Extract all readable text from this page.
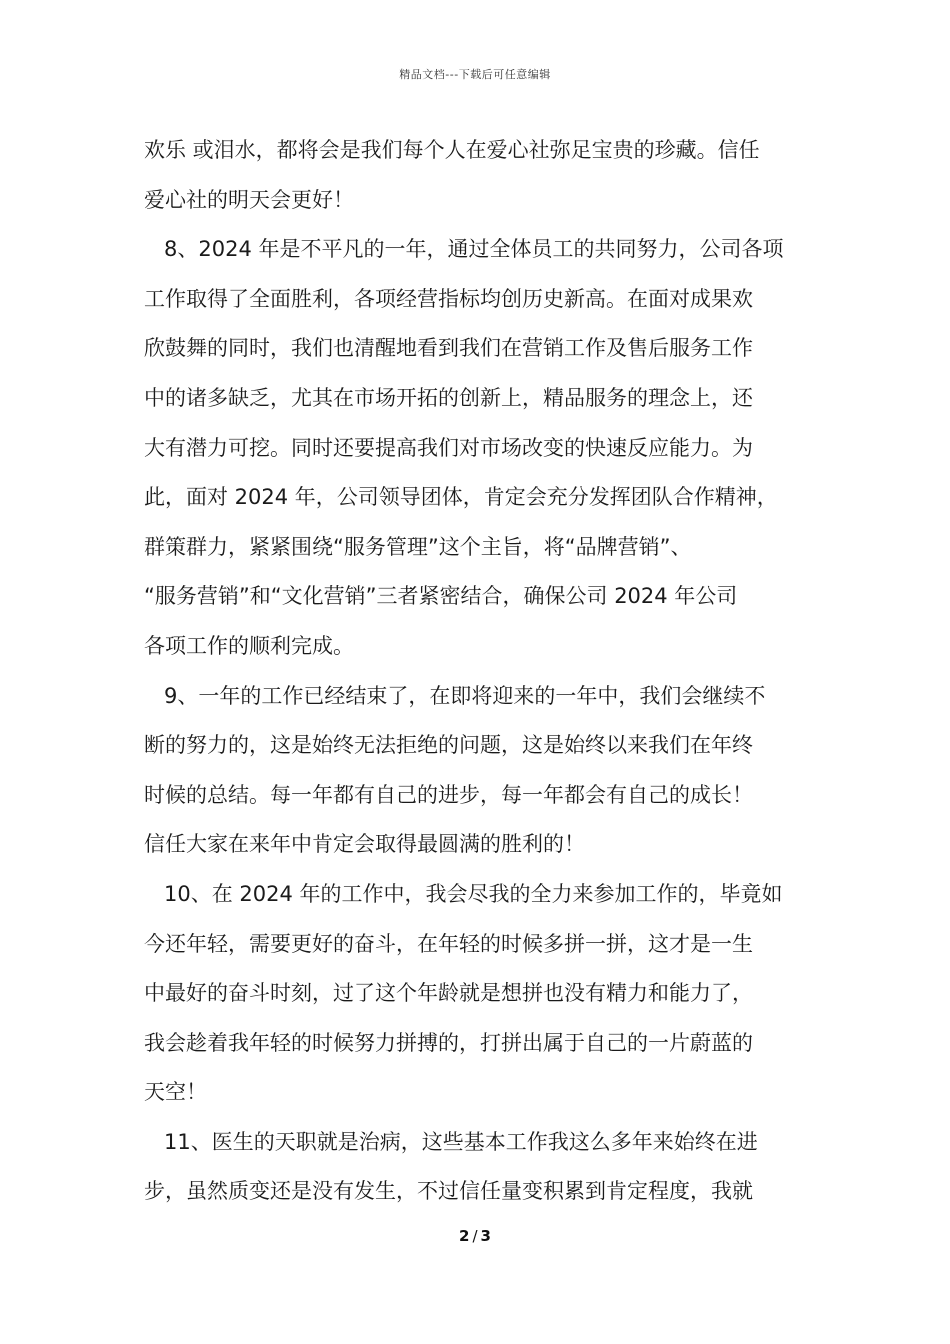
精品文档---下载后可任意编辑
欢乐 或泪水，都将会是我们每个人在爱心社弥足宝贵的珍藏。信任
爱心社的明天会更好！
8、2024 年是不平凡的一年，通过全体员工的共同努力，公司各项
工作取得了全面胜利，各项经营指标均创历史新高。在面对成果欢
欣鼓舞的同时，我们也清醒地看到我们在营销工作及售后服务工作
中的诸多缺乏，尤其在市场开拓的创新上，精品服务的理念上，还
大有潜力可挖。同时还要提高我们对市场改变的快速反应能力。为
此，面对 2024 年，公司领导团体，肯定会充分发挥团队合作精神，
群策群力，紧紧围绕“服务管理”这个主旨，将“品牌营销”、
“服务营销”和“文化营销”三者紧密结合，确保公司 2024 年公司
各项工作的顺利完成。
9、一年的工作已经结束了，在即将迎来的一年中，我们会继续不
断的努力的，这是始终无法拒绝的问题，这是始终以来我们在年终
时候的总结。每一年都有自己的进步，每一年都会有自己的成长！
信任大家在来年中肯定会取得最圆满的胜利的！
10、在 2024 年的工作中，我会尽我的全力来参加工作的，毕竟如
今还年轻，需要更好的奋斗，在年轻的时候多拼一拼，这才是一生
中最好的奋斗时刻，过了这个年龄就是想拼也没有精力和能力了，
我会趁着我年轻的时候努力拼搏的，打拼出属于自己的一片蔚蓝的
天空！
11、医生的天职就是治病，这些基本工作我这么多年来始终在进
步，虽然质变还是没有发生，不过信任量变积累到肯定程度，我就
2 / 3
